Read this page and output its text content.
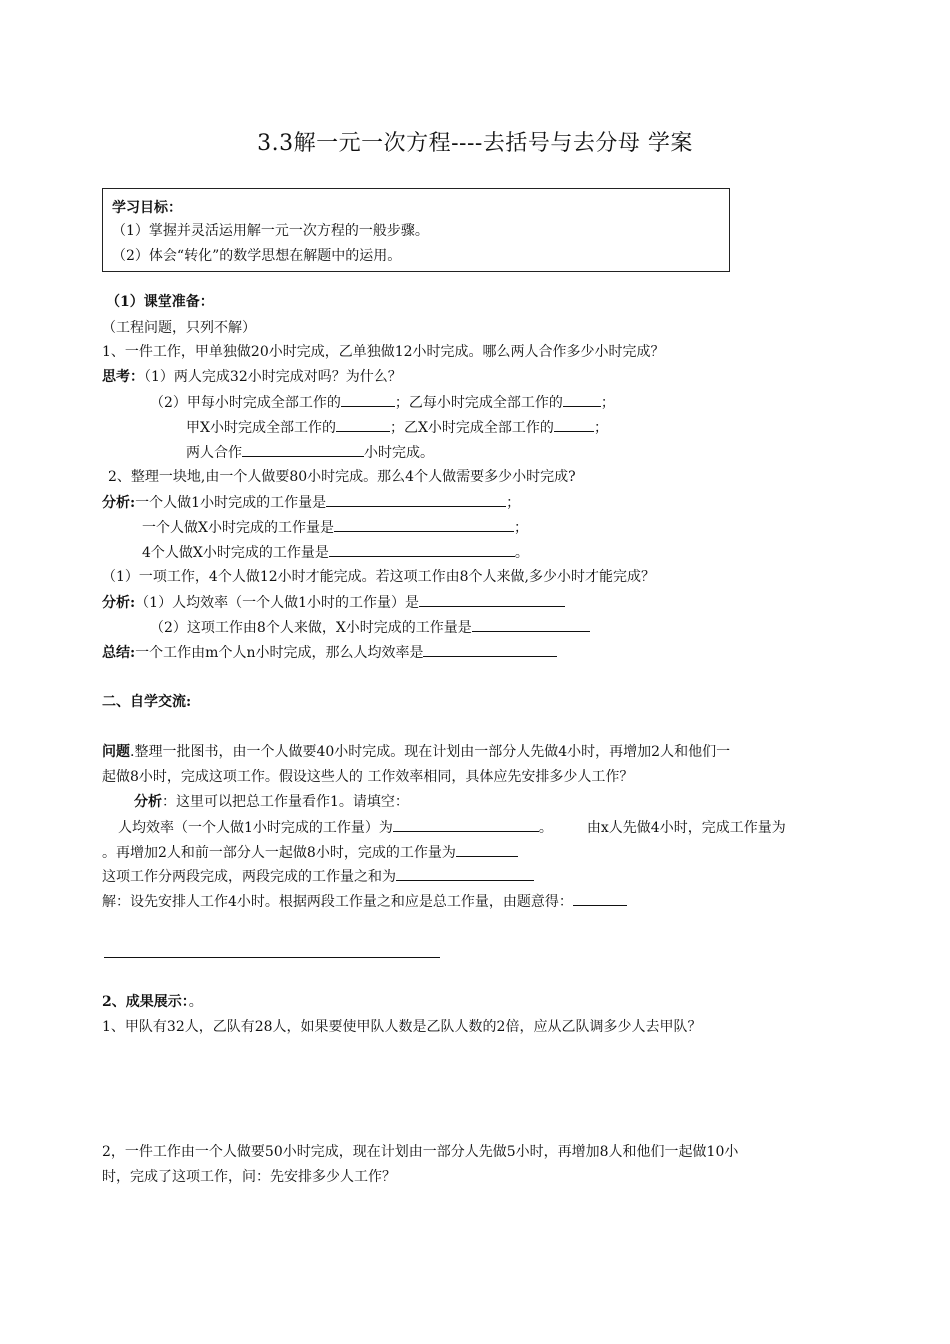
3.3解一元一次方程----去括号与去分母 学案
学习目标：
（1）掌握并灵活运用解一元一次方程的一般步骤。
（2）体会“转化”的数学思想在解题中的运用。
（1）课堂准备：
（工程问题，只列不解）
1、一件工作，甲单独做20小时完成，乙单独做12小时完成。哪么两人合作多少小时完成？
思考：（1）两人完成32小时完成对吗？为什么？
（2）甲每小时完成全部工作的	；乙每小时完成全部工作的	；
甲X小时完成全部工作的	；乙X小时完成全部工作的	；
两人合作	小时完成。
2、整理一块地,由一个人做要80小时完成。那么4个人做需要多少小时完成?
分析:一个人做1小时完成的工作量是	；
一个人做X小时完成的工作量是	；
4个人做X小时完成的工作量是	。
（1）一项工作，4个人做12小时才能完成。若这项工作由8个人来做,多少小时才能完成？
分析:（1）人均效率（一个人做1小时的工作量）是
（2）这项工作由8个人来做，X小时完成的工作量是
总结:一个工作由m个人n小时完成，那么人均效率是
二、自学交流:
问题.整理一批图书，由一个人做要40小时完成。现在计划由一部分人先做4小时，再增加2人和他们一
起做8小时，完成这项工作。假设这些人的 工作效率相同，具体应先安排多少人工作？
分析：这里可以把总工作量看作1。请填空：
人均效率（一个人做1小时完成的工作量）为	。 由x人先做4小时，完成工作量为
。再增加2人和前一部分人一起做8小时，完成的工作量为
这项工作分两段完成，两段完成的工作量之和为
解：设先安排人工作4小时。根据两段工作量之和应是总工作量，由题意得：
2、成果展示：。
1、甲队有32人，乙队有28人，如果要使甲队人数是乙队人数的2倍，应从乙队调多少人去甲队？
2，一件工作由一个人做要50小时完成，现在计划由一部分人先做5小时，再增加8人和他们一起做10小
时，完成了这项工作，问：先安排多少人工作？
